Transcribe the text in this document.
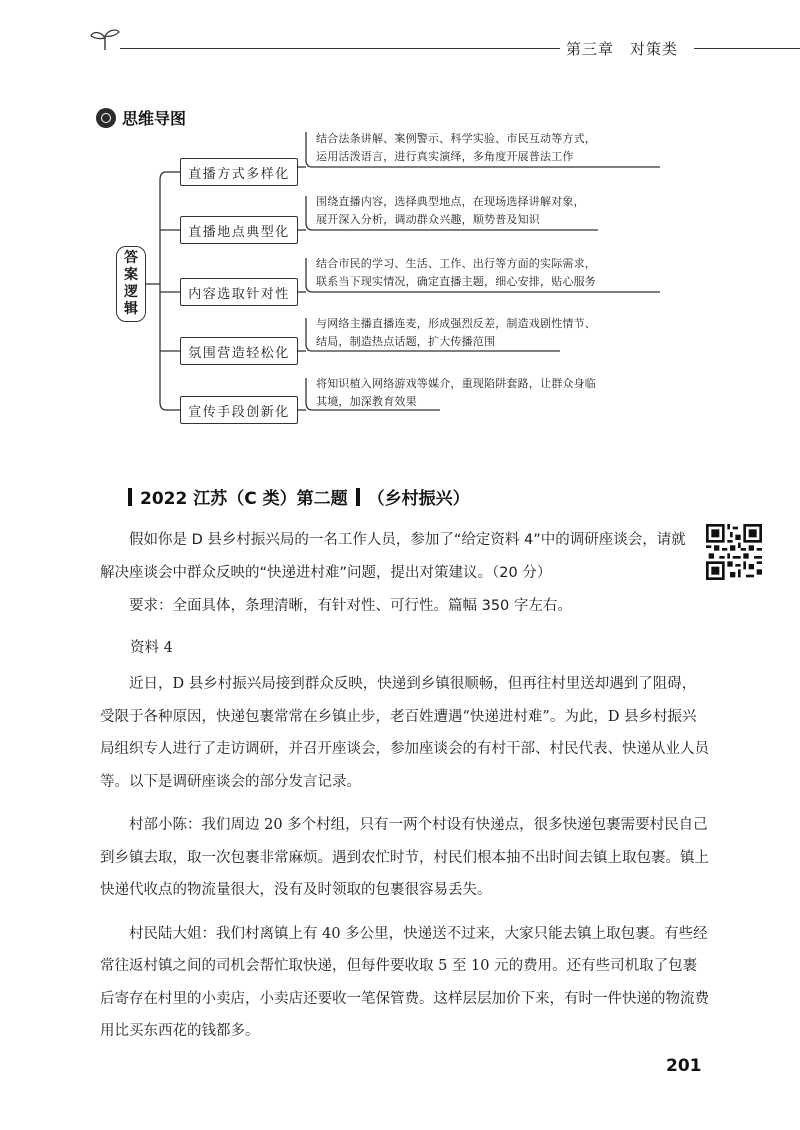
第三章　对策类
思维导图
答
案
逻
辑
直播方式多样化
直播地点典型化
内容选取针对性
氛围营造轻松化
宣传手段创新化
结合法条讲解、案例警示、科学实验、市民互动等方式，
运用活泼语言，进行真实演绎，多角度开展普法工作
围绕直播内容，选择典型地点，在现场选择讲解对象，
展开深入分析，调动群众兴趣，顺势普及知识
结合市民的学习、生活、工作、出行等方面的实际需求，
联系当下现实情况，确定直播主题，细心安排，贴心服务
与网络主播直播连麦，形成强烈反差，制造戏剧性情节、
结局，制造热点话题，扩大传播范围
将知识植入网络游戏等媒介，重现陷阱套路，让群众身临
其境，加深教育效果
2022 江苏（C 类）第二题 （乡村振兴）

假如你是 D 县乡村振兴局的一名工作人员，参加了“给定资料 4”中的调研座谈会，请就解决座谈会中群众反映的“快递进村难”问题，提出对策建议。（20 分）

要求：全面具体，条理清晰，有针对性、可行性。篇幅 350 字左右。

资料 4

近日，D 县乡村振兴局接到群众反映，快递到乡镇很顺畅，但再往村里送却遇到了阻碍，受限于各种原因，快递包裹常常在乡镇止步，老百姓遭遇“快递进村难”。为此，D 县乡村振兴局组织专人进行了走访调研，并召开座谈会，参加座谈会的有村干部、村民代表、快递从业人员等。以下是调研座谈会的部分发言记录。

村部小陈：我们周边 20 多个村组，只有一两个村设有快递点，很多快递包裹需要村民自己到乡镇去取，取一次包裹非常麻烦。遇到农忙时节，村民们根本抽不出时间去镇上取包裹。镇上快递代收点的物流量很大，没有及时领取的包裹很容易丢失。

村民陆大姐：我们村离镇上有 40 多公里，快递送不过来，大家只能去镇上取包裹。有些经常往返村镇之间的司机会帮忙取快递，但每件要收取 5 至 10 元的费用。还有些司机取了包裹后寄存在村里的小卖店，小卖店还要收一笔保管费。这样层层加价下来，有时一件快递的物流费用比买东西花的钱都多。

201
